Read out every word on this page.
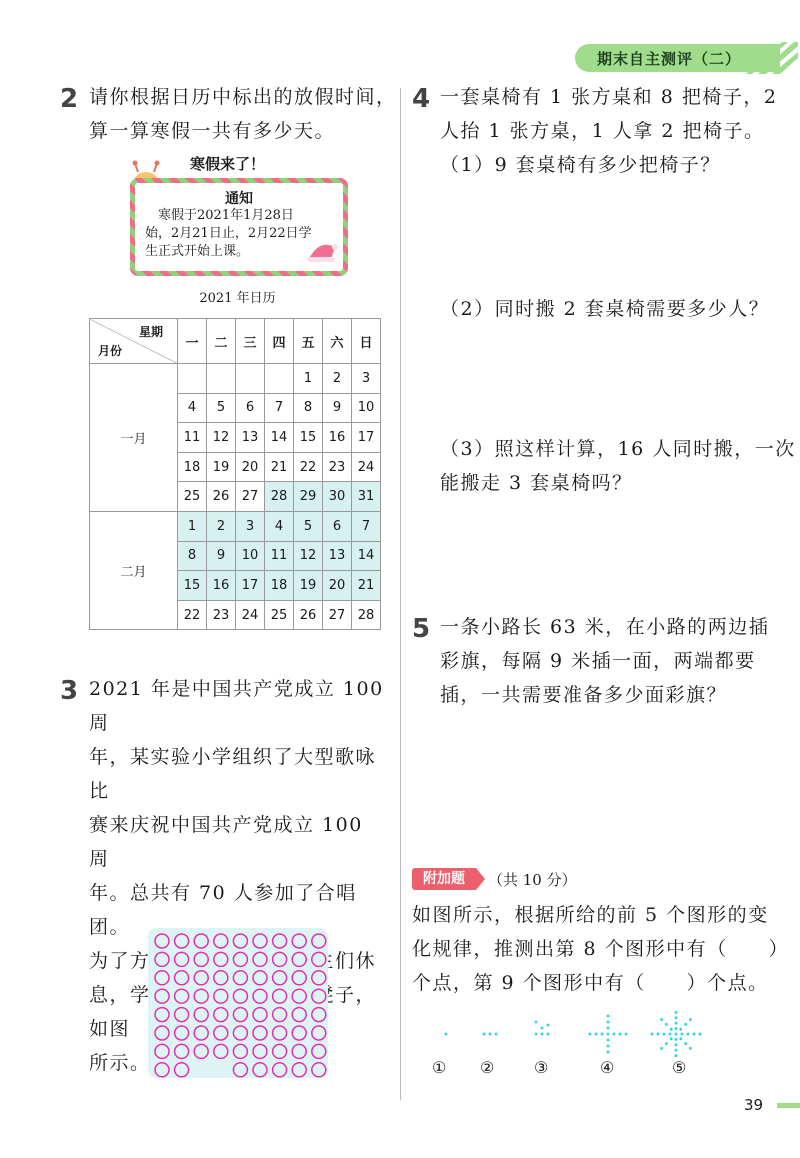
期末自主测评（二）
2 请你根据日历中标出的放假时间，
算一算寒假一共有多少天。
寒假来了！
通知
　寒假于2021年1月28日
始，2月21日止，2月22日学
生正式开始上课。
2021 年日历
星期
月份	一	二	三	四	五	六	日
一月					1	2	3
	4	5	6	7	8	9	10
	11	12	13	14	15	16	17
	18	19	20	21	22	23	24
	25	26	27	28	29	30	31
二月	1	2	3	4	5	6	7
	8	9	10	11	12	13	14
	15	16	17	18	19	20	21
	22	23	24	25	26	27	28
3 2021 年是中国共产党成立 100 周
年，某实验小学组织了大型歌咏比
赛来庆祝中国共产党成立 100 周
年。总共有 70 人参加了合唱团。
为了方便参加合唱团的学生们休
息，学校还为他们准备了凳子，如图
所示。这些凳子够吗？
4 一套桌椅有 1 张方桌和 8 把椅子，2
人抬 1 张方桌，1 人拿 2 把椅子。
（1）9 套桌椅有多少把椅子？
（2）同时搬 2 套桌椅需要多少人？
（3）照这样计算，16 人同时搬，一次
能搬走 3 套桌椅吗？
5 一条小路长 63 米，在小路的两边插
彩旗，每隔 9 米插一面，两端都要
插，一共需要准备多少面彩旗？
附加题	（共 10 分）
如图所示，根据所给的前 5 个图形的变
化规律，推测出第 8 个图形中有（　　）
个点，第 9 个图形中有（　　）个点。
① ② ③	④	⑤
39
